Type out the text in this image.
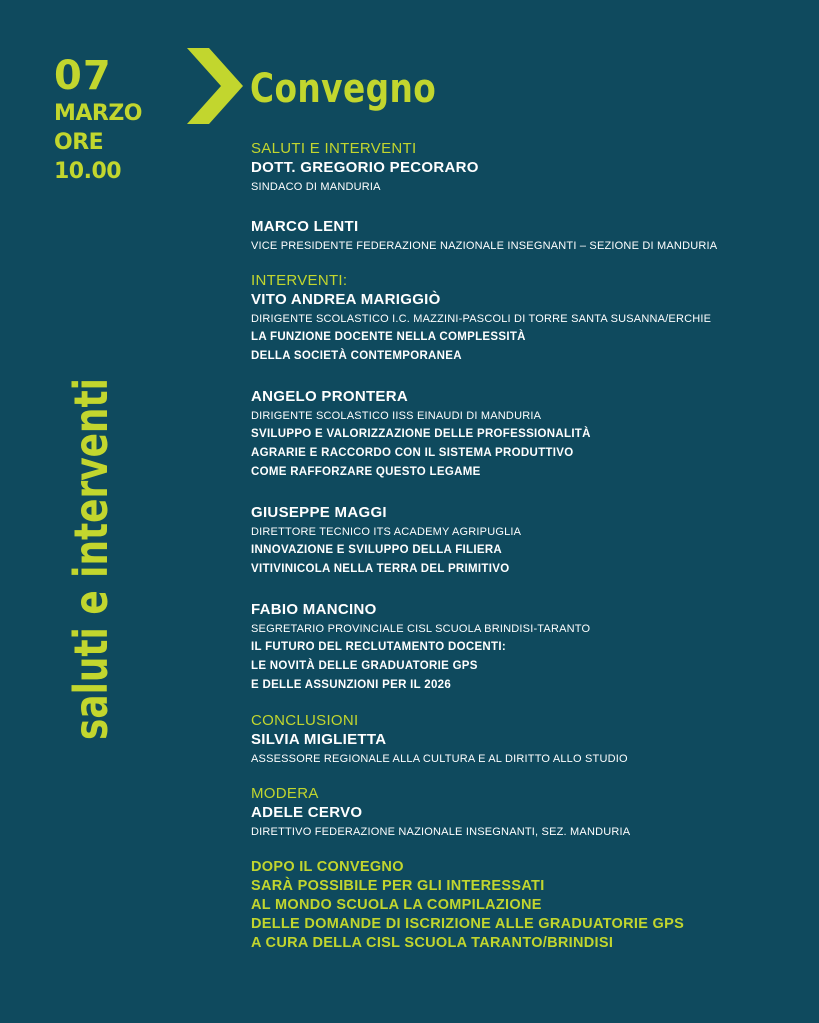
07
MARZO
ORE
10.00
Convegno
saluti e interventi
SALUTI E INTERVENTI
DOTT. GREGORIO PECORARO
SINDACO DI MANDURIA
MARCO LENTI
VICE PRESIDENTE FEDERAZIONE NAZIONALE INSEGNANTI – SEZIONE DI MANDURIA
INTERVENTI:
VITO ANDREA MARIGGIÒ
DIRIGENTE SCOLASTICO I.C. MAZZINI-PASCOLI DI TORRE SANTA SUSANNA/ERCHIE
LA FUNZIONE DOCENTE NELLA COMPLESSITÀ
DELLA SOCIETÀ CONTEMPORANEA
ANGELO PRONTERA
DIRIGENTE SCOLASTICO IISS EINAUDI DI MANDURIA
SVILUPPO E VALORIZZAZIONE DELLE PROFESSIONALITÀ
AGRARIE E RACCORDO CON IL SISTEMA PRODUTTIVO
COME RAFFORZARE QUESTO LEGAME
GIUSEPPE MAGGI
DIRETTORE TECNICO ITS ACADEMY AGRIPUGLIA
INNOVAZIONE E SVILUPPO DELLA FILIERA
VITIVINICOLA NELLA TERRA DEL PRIMITIVO
FABIO MANCINO
SEGRETARIO PROVINCIALE CISL SCUOLA BRINDISI-TARANTO
IL FUTURO DEL RECLUTAMENTO DOCENTI:
LE NOVITÀ DELLE GRADUATORIE GPS
E DELLE ASSUNZIONI PER IL 2026
CONCLUSIONI
SILVIA MIGLIETTA
ASSESSORE REGIONALE ALLA CULTURA E AL DIRITTO ALLO STUDIO
MODERA
ADELE CERVO
DIRETTIVO FEDERAZIONE NAZIONALE INSEGNANTI, SEZ. MANDURIA
DOPO IL CONVEGNO
SARÀ POSSIBILE PER GLI INTERESSATI
AL MONDO SCUOLA LA COMPILAZIONE
DELLE DOMANDE DI ISCRIZIONE ALLE GRADUATORIE GPS
A CURA DELLA CISL SCUOLA TARANTO/BRINDISI
